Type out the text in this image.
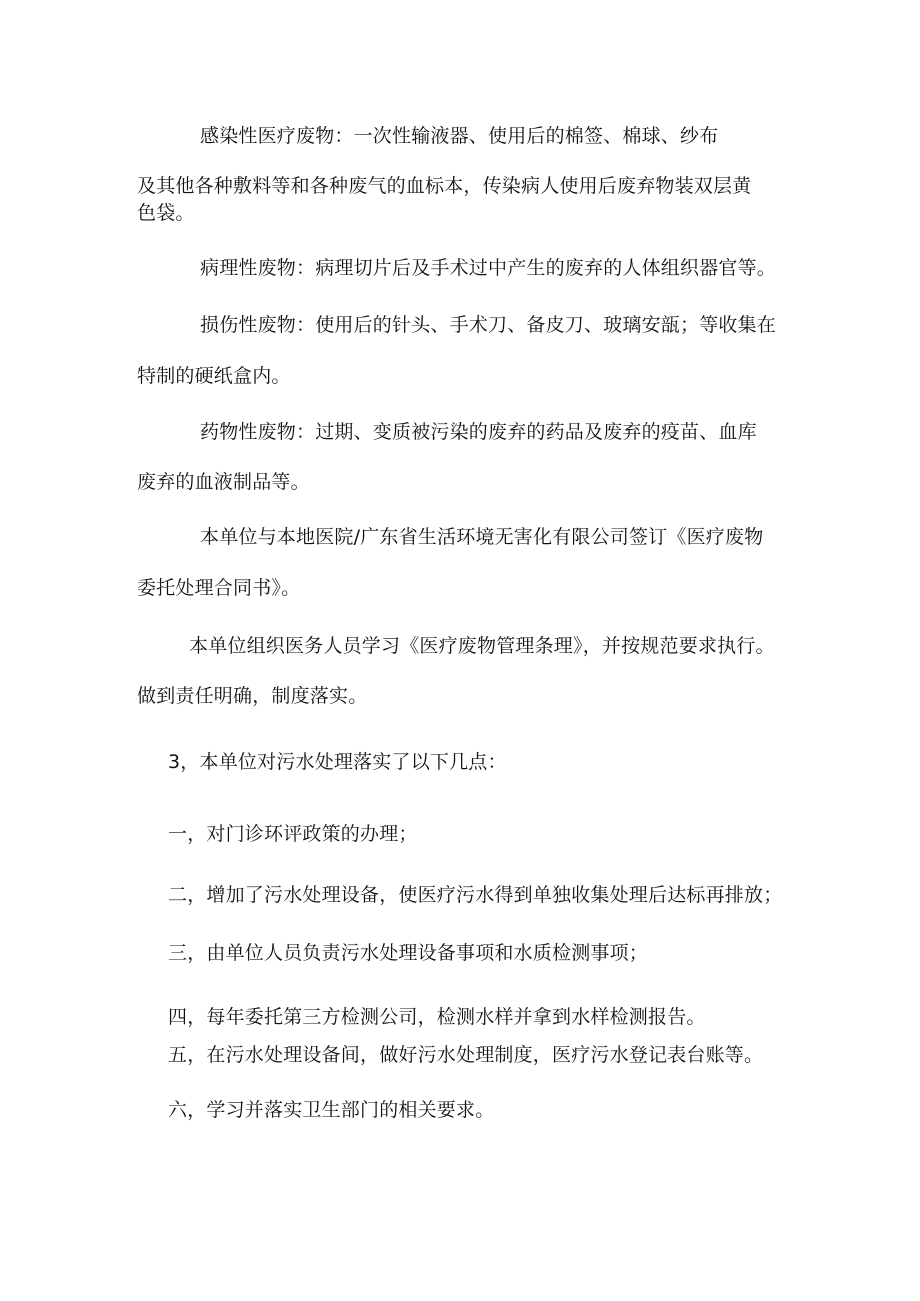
感染性医疗废物：一次性输液器、使用后的棉签、棉球、纱布
及其他各种敷料等和各种废气的血标本，传染病人使用后废弃物装双层黄
色袋。
病理性废物：病理切片后及手术过中产生的废弃的人体组织器官等。
损伤性废物：使用后的针头、手术刀、备皮刀、玻璃安瓿；等收集在
特制的硬纸盒内。
药物性废物：过期、变质被污染的废弃的药品及废弃的疫苗、血库
废弃的血液制品等。
本单位与本地医院/广东省生活环境无害化有限公司签订《医疗废物
委托处理合同书》。
本单位组织医务人员学习《医疗废物管理条理》，并按规范要求执行。
做到责任明确，制度落实。
3，本单位对污水处理落实了以下几点：
一，对门诊环评政策的办理；
二，增加了污水处理设备，使医疗污水得到单独收集处理后达标再排放；
三，由单位人员负责污水处理设备事项和水质检测事项；
四，每年委托第三方检测公司，检测水样并拿到水样检测报告。
五，在污水处理设备间，做好污水处理制度，医疗污水登记表台账等。
六，学习并落实卫生部门的相关要求。
